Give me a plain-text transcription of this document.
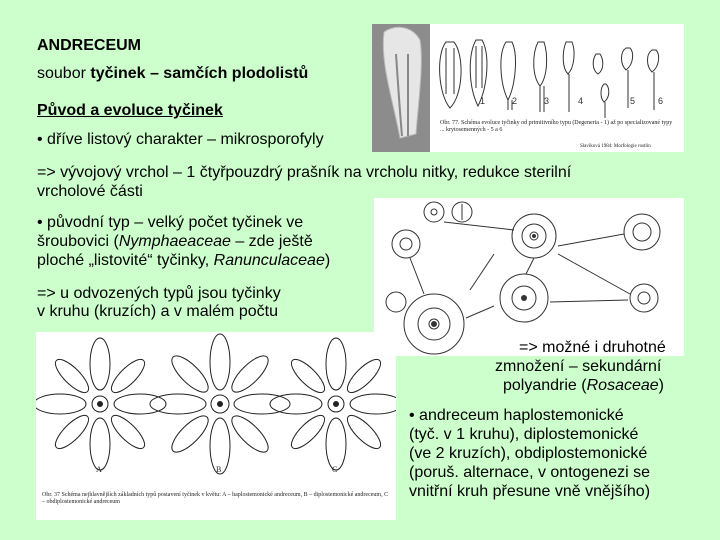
ANDRECEUM
soubor tyčinek – samčích plodolistů
Původ a evoluce tyčinek
• dříve listový charakter – mikrosporofyly
=> vývojový vrchol – 1 čtyřpouzdrý prašník na vrcholu nitky, redukce sterilní
vrcholové části
• původní typ – velký počet tyčinek ve
šroubovici (Nymphaeaceae – zde ještě
ploché „listovité“ tyčinky, Ranunculaceae)
=> u odvozených typů jsou tyčinky
v kruhu (kruzích) a v malém počtu
1	2	3	4	5	6
Obr. 77. Schéma evoluce tyčinky od primitivního typu (Degeneria - 1) až po specializované typy ... krytosemenných - 5 a 6
Slavíková 1984: Morfologie rostlin
=> možné i druhotné
zmnožení – sekundární
polyandrie (Rosaceae)
• andreceum haplostemonické
(tyč. v 1 kruhu), diplostemonické
(ve 2 kruzích), obdiplostemonické
(poruš. alternace, v ontogenezi se
vnitřní kruh přesune vně vnějšího)
A	B	C
Obr. 37 Schéma nejhlavnějších základních typů postavení tyčinek v květu: A – haplostemonické andreceum, B – diplostemonické andreceum, C – obdiplostemonické andreceum
